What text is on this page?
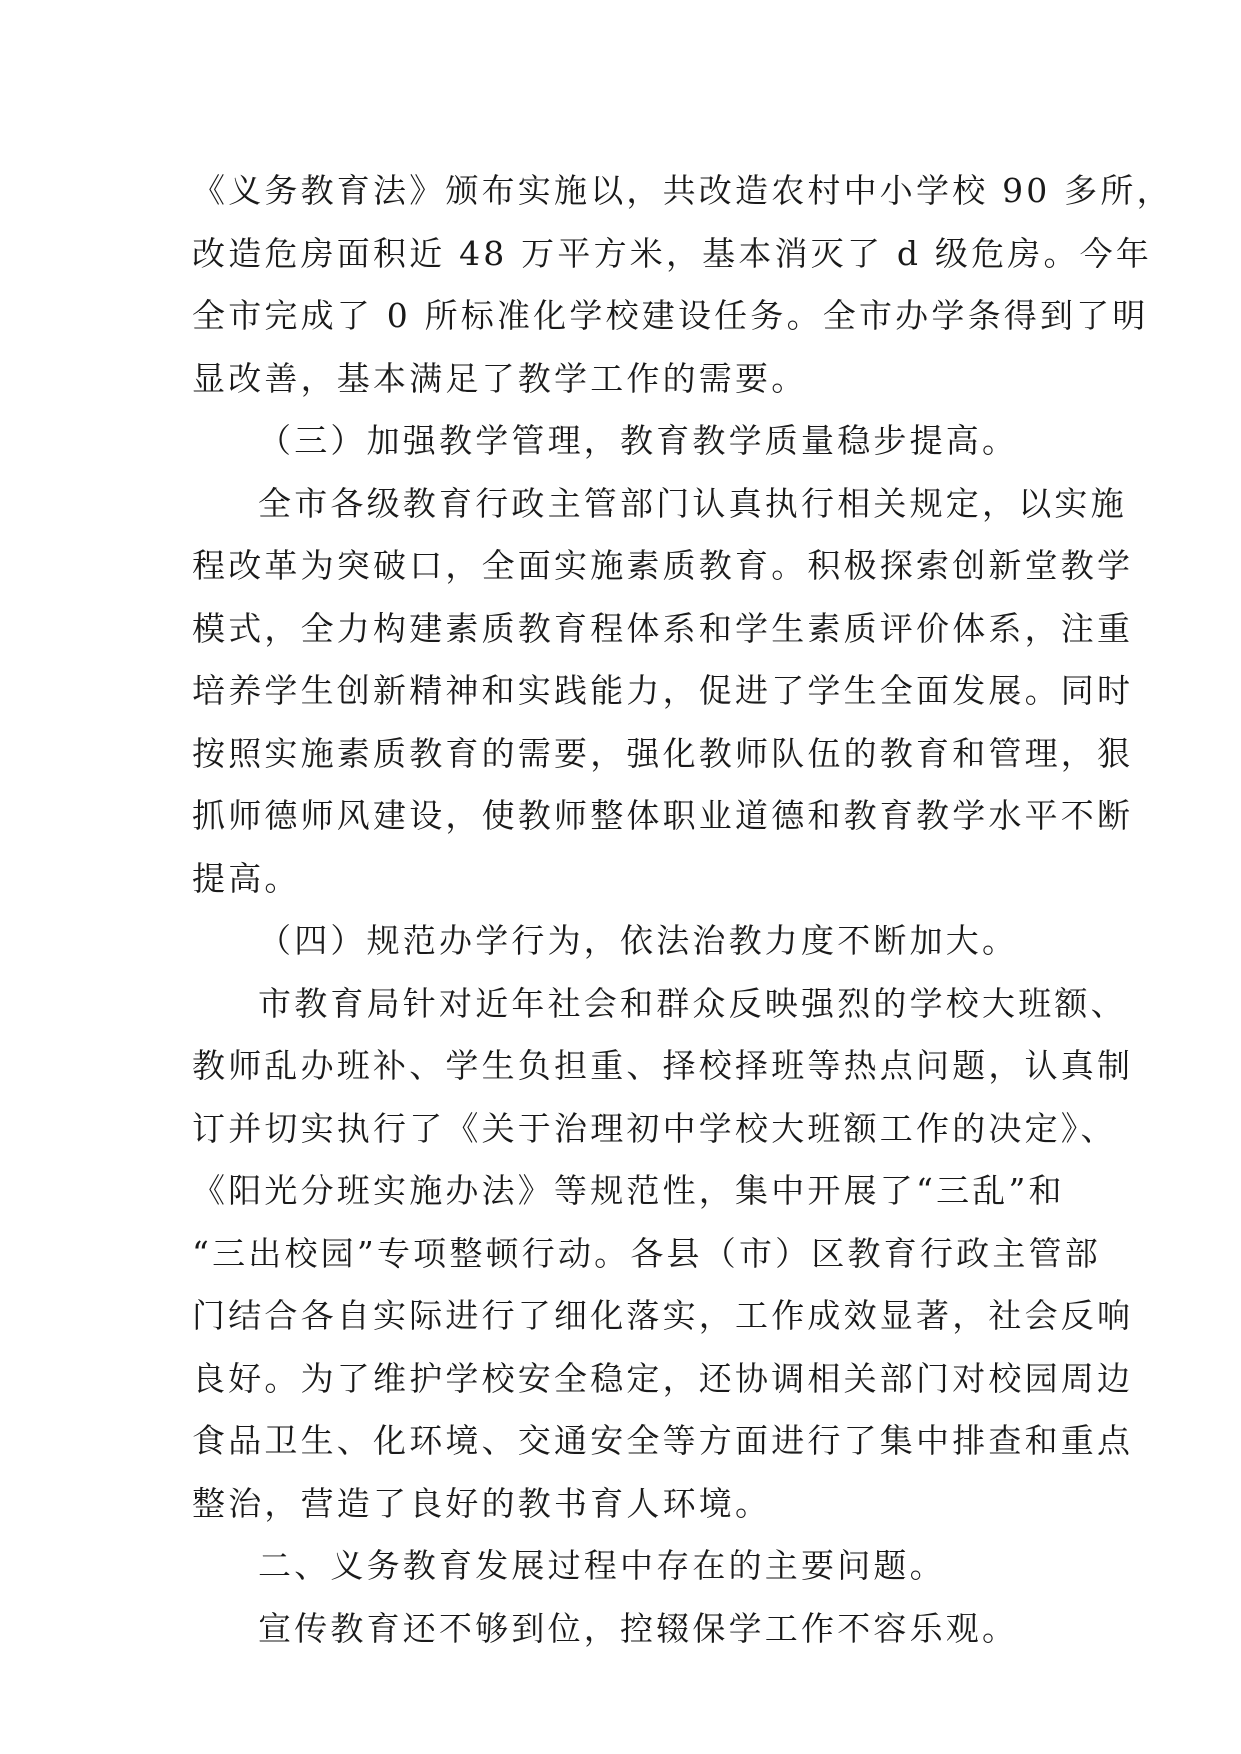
《义务教育法》颁布实施以，共改造农村中小学校 90 多所，

改造危房面积近 48 万平方米，基本消灭了 d 级危房。今年

全市完成了 0 所标准化学校建设任务。全市办学条得到了明

显改善，基本满足了教学工作的需要。

（三）加强教学管理，教育教学质量稳步提高。

全市各级教育行政主管部门认真执行相关规定，以实施

程改革为突破口，全面实施素质教育。积极探索创新堂教学

模式，全力构建素质教育程体系和学生素质评价体系，注重

培养学生创新精神和实践能力，促进了学生全面发展。同时

按照实施素质教育的需要，强化教师队伍的教育和管理，狠

抓师德师风建设，使教师整体职业道德和教育教学水平不断

提高。

（四）规范办学行为，依法治教力度不断加大。

市教育局针对近年社会和群众反映强烈的学校大班额、

教师乱办班补、学生负担重、择校择班等热点问题，认真制

订并切实执行了《关于治理初中学校大班额工作的决定》、

《阳光分班实施办法》等规范性，集中开展了“三乱”和

“三出校园”专项整顿行动。各县（市）区教育行政主管部

门结合各自实际进行了细化落实，工作成效显著，社会反响

良好。为了维护学校安全稳定，还协调相关部门对校园周边

食品卫生、化环境、交通安全等方面进行了集中排查和重点

整治，营造了良好的教书育人环境。

二、义务教育发展过程中存在的主要问题。

宣传教育还不够到位，控辍保学工作不容乐观。
